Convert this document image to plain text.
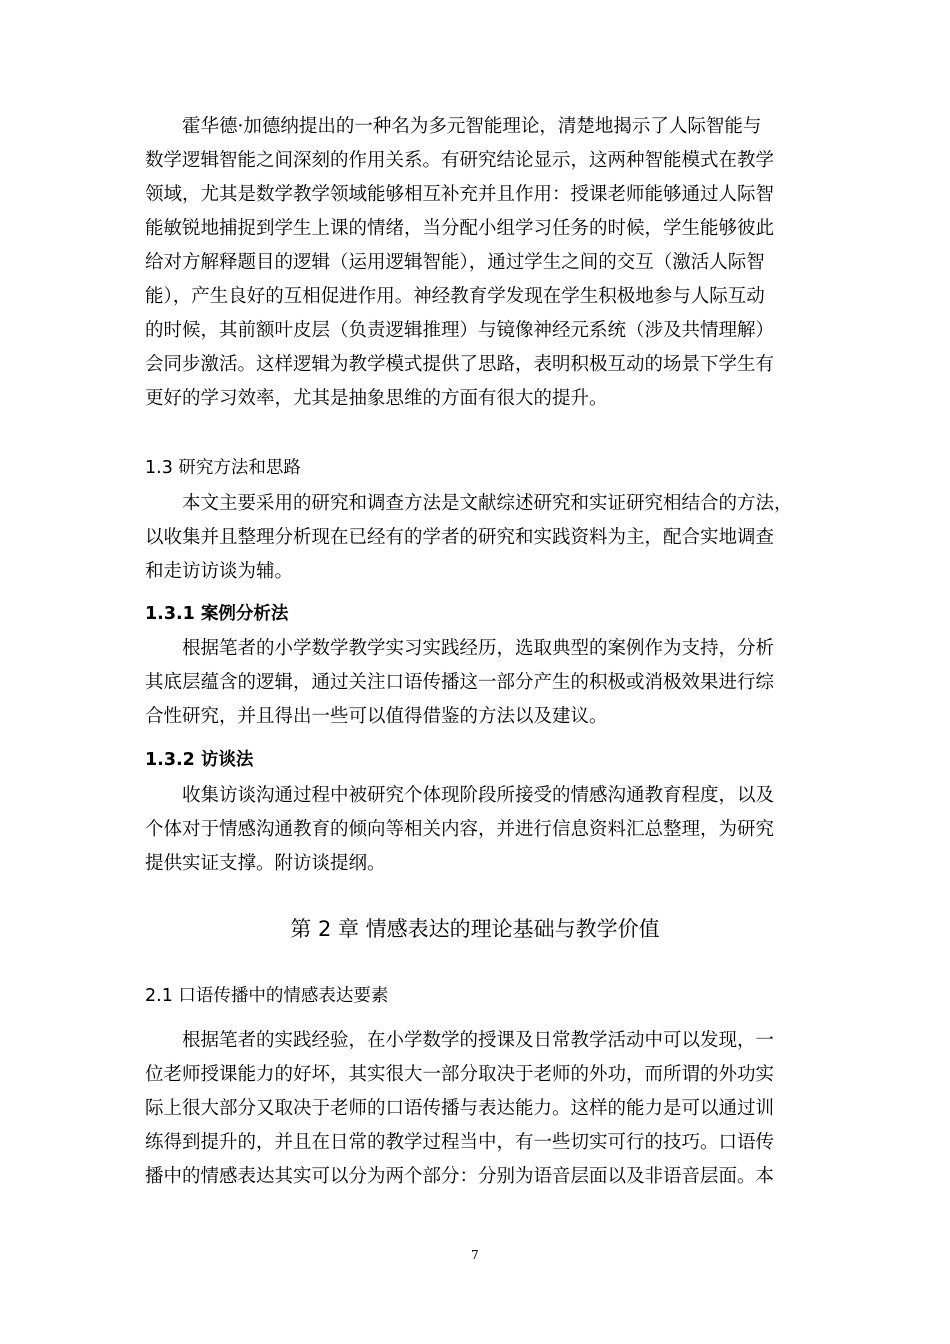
　　霍华德·加德纳提出的一种名为多元智能理论，清楚地揭示了人际智能与
数学逻辑智能之间深刻的作用关系。有研究结论显示，这两种智能模式在教学
领域，尤其是数学教学领域能够相互补充并且作用：授课老师能够通过人际智
能敏锐地捕捉到学生上课的情绪，当分配小组学习任务的时候，学生能够彼此
给对方解释题目的逻辑（运用逻辑智能），通过学生之间的交互（激活人际智
能），产生良好的互相促进作用。神经教育学发现在学生积极地参与人际互动
的时候，其前额叶皮层（负责逻辑推理）与镜像神经元系统（涉及共情理解）
会同步激活。这样逻辑为教学模式提供了思路，表明积极互动的场景下学生有
更好的学习效率，尤其是抽象思维的方面有很大的提升。
1.3 研究方法和思路
　　本文主要采用的研究和调查方法是文献综述研究和实证研究相结合的方法，
以收集并且整理分析现在已经有的学者的研究和实践资料为主，配合实地调查
和走访访谈为辅。
1.3.1 案例分析法
　　根据笔者的小学数学教学实习实践经历，选取典型的案例作为支持，分析
其底层蕴含的逻辑，通过关注口语传播这一部分产生的积极或消极效果进行综
合性研究，并且得出一些可以值得借鉴的方法以及建议。
1.3.2 访谈法
　　收集访谈沟通过程中被研究个体现阶段所接受的情感沟通教育程度，以及
个体对于情感沟通教育的倾向等相关内容，并进行信息资料汇总整理，为研究
提供实证支撑。附访谈提纲。
第 2 章 情感表达的理论基础与教学价值
2.1 口语传播中的情感表达要素
　　根据笔者的实践经验，在小学数学的授课及日常教学活动中可以发现，一
位老师授课能力的好坏，其实很大一部分取决于老师的外功，而所谓的外功实
际上很大部分又取决于老师的口语传播与表达能力。这样的能力是可以通过训
练得到提升的，并且在日常的教学过程当中，有一些切实可行的技巧。口语传
播中的情感表达其实可以分为两个部分：分别为语音层面以及非语音层面。本
7
